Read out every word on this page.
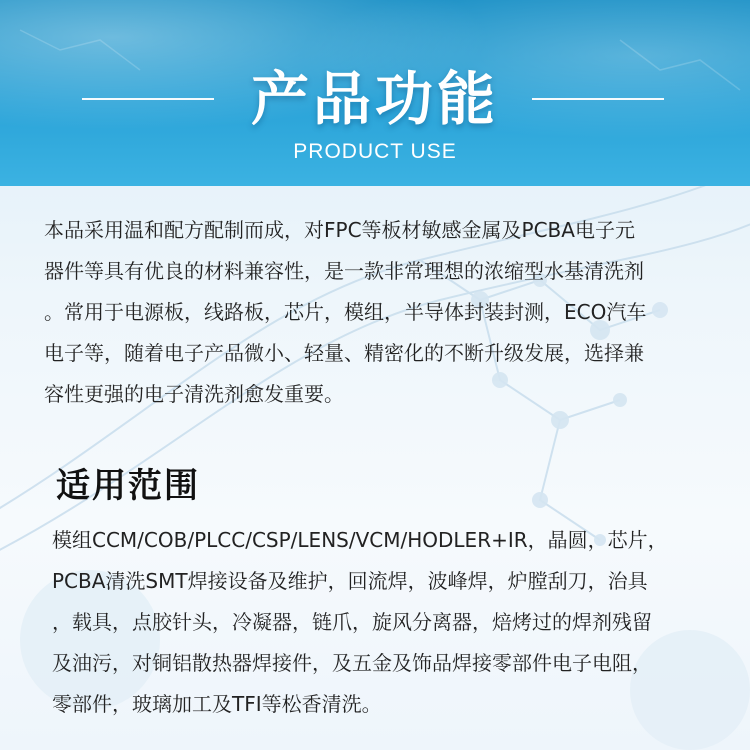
产品功能
PRODUCT USE
本品采用温和配方配制而成，对FPC等板材敏感金属及PCBA电子元
器件等具有优良的材料兼容性，是一款非常理想的浓缩型水基清洗剂
。常用于电源板，线路板，芯片，模组，半导体封装封测，ECO汽车
电子等，随着电子产品微小、轻量、精密化的不断升级发展，选择兼
容性更强的电子清洗剂愈发重要。
适用范围
模组CCM/COB/PLCC/CSP/LENS/VCM/HODLER+IR，晶圆，芯片，
PCBA清洗SMT焊接设备及维护，回流焊，波峰焊，炉膛刮刀，治具
，载具，点胶针头，冷凝器，链爪，旋风分离器，焙烤过的焊剂残留
及油污，对铜铝散热器焊接件，及五金及饰品焊接零部件电子电阻，
零部件，玻璃加工及TFI等松香清洗。
